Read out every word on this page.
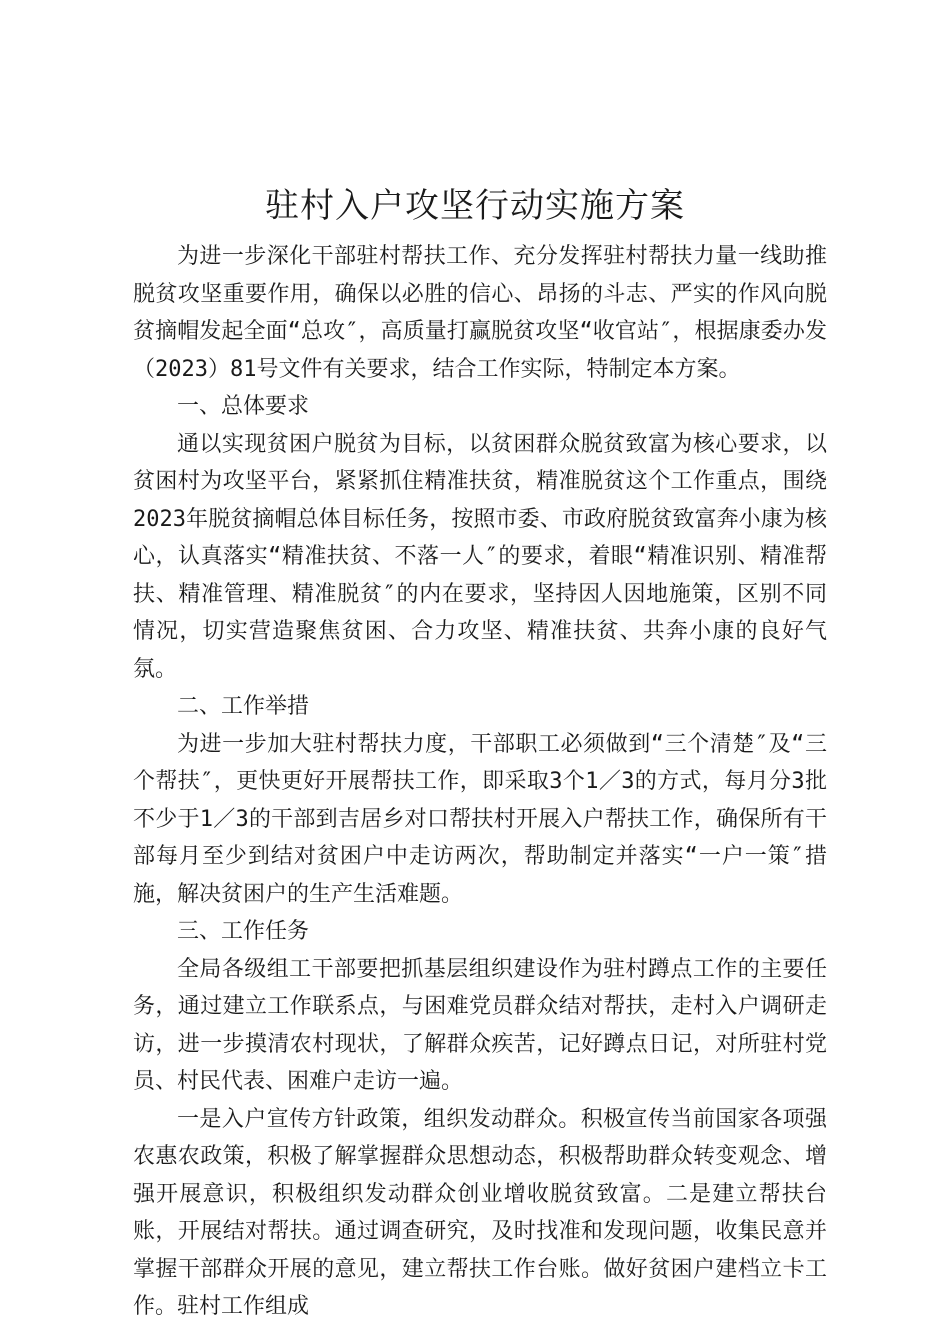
驻村入户攻坚行动实施方案

为进一步深化干部驻村帮扶工作、充分发挥驻村帮扶力量一线助推脱贫攻坚重要作用，确保以必胜的信心、昂扬的斗志、严实的作风向脱贫摘帽发起全面“总攻″，高质量打赢脱贫攻坚“收官站″，根据康委办发（2023）81号文件有关要求，结合工作实际，特制定本方案。

一、总体要求

通以实现贫困户脱贫为目标，以贫困群众脱贫致富为核心要求，以贫困村为攻坚平台，紧紧抓住精准扶贫，精准脱贫这个工作重点，围绕2023年脱贫摘帽总体目标任务，按照市委、市政府脱贫致富奔小康为核心，认真落实“精准扶贫、不落一人″的要求，着眼“精准识别、精准帮扶、精准管理、精准脱贫″的内在要求，坚持因人因地施策，区别不同情况，切实营造聚焦贫困、合力攻坚、精准扶贫、共奔小康的良好气氛。

二、工作举措

为进一步加大驻村帮扶力度，干部职工必须做到“三个清楚″及“三个帮扶″，更快更好开展帮扶工作，即采取3个1／3的方式，每月分3批不少于1／3的干部到吉居乡对口帮扶村开展入户帮扶工作，确保所有干部每月至少到结对贫困户中走访两次，帮助制定并落实“一户一策″措施，解决贫困户的生产生活难题。

三、工作任务

全局各级组工干部要把抓基层组织建设作为驻村蹲点工作的主要任务，通过建立工作联系点，与困难党员群众结对帮扶，走村入户调研走访，进一步摸清农村现状，了解群众疾苦，记好蹲点日记，对所驻村党员、村民代表、困难户走访一遍。

一是入户宣传方针政策，组织发动群众。积极宣传当前国家各项强农惠农政策，积极了解掌握群众思想动态，积极帮助群众转变观念、增强开展意识，积极组织发动群众创业增收脱贫致富。二是建立帮扶台账，开展结对帮扶。通过调查研究，及时找准和发现问题，收集民意并掌握干部群众开展的意见，建立帮扶工作台账。做好贫困户建档立卡工作。驻村工作组成
